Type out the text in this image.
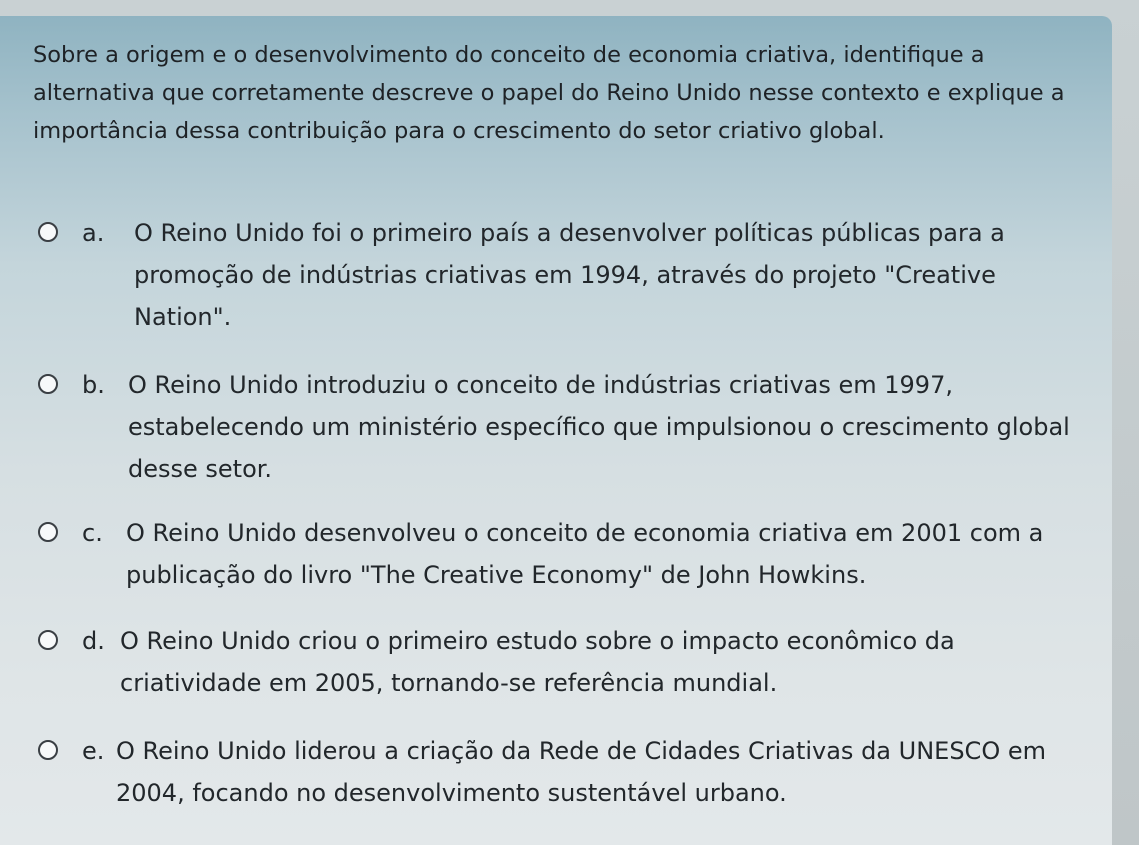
Sobre a origem e o desenvolvimento do conceito de economia criativa, identifique a alternativa que corretamente descreve o papel do Reino Unido nesse contexto e explique a importância dessa contribuição para o crescimento do setor criativo global.

a.	O Reino Unido foi o primeiro país a desenvolver políticas públicas para a promoção de indústrias criativas em 1994, através do projeto "Creative Nation".
b. O Reino Unido introduziu o conceito de indústrias criativas em 1997, estabelecendo um ministério específico que impulsionou o crescimento global desse setor.
c. O Reino Unido desenvolveu o conceito de economia criativa em 2001 com a publicação do livro "The Creative Economy" de John Howkins.
d. O Reino Unido criou o primeiro estudo sobre o impacto econômico da criatividade em 2005, tornando-se referência mundial.
e. O Reino Unido liderou a criação da Rede de Cidades Criativas da UNESCO em 2004, focando no desenvolvimento sustentável urbano.
